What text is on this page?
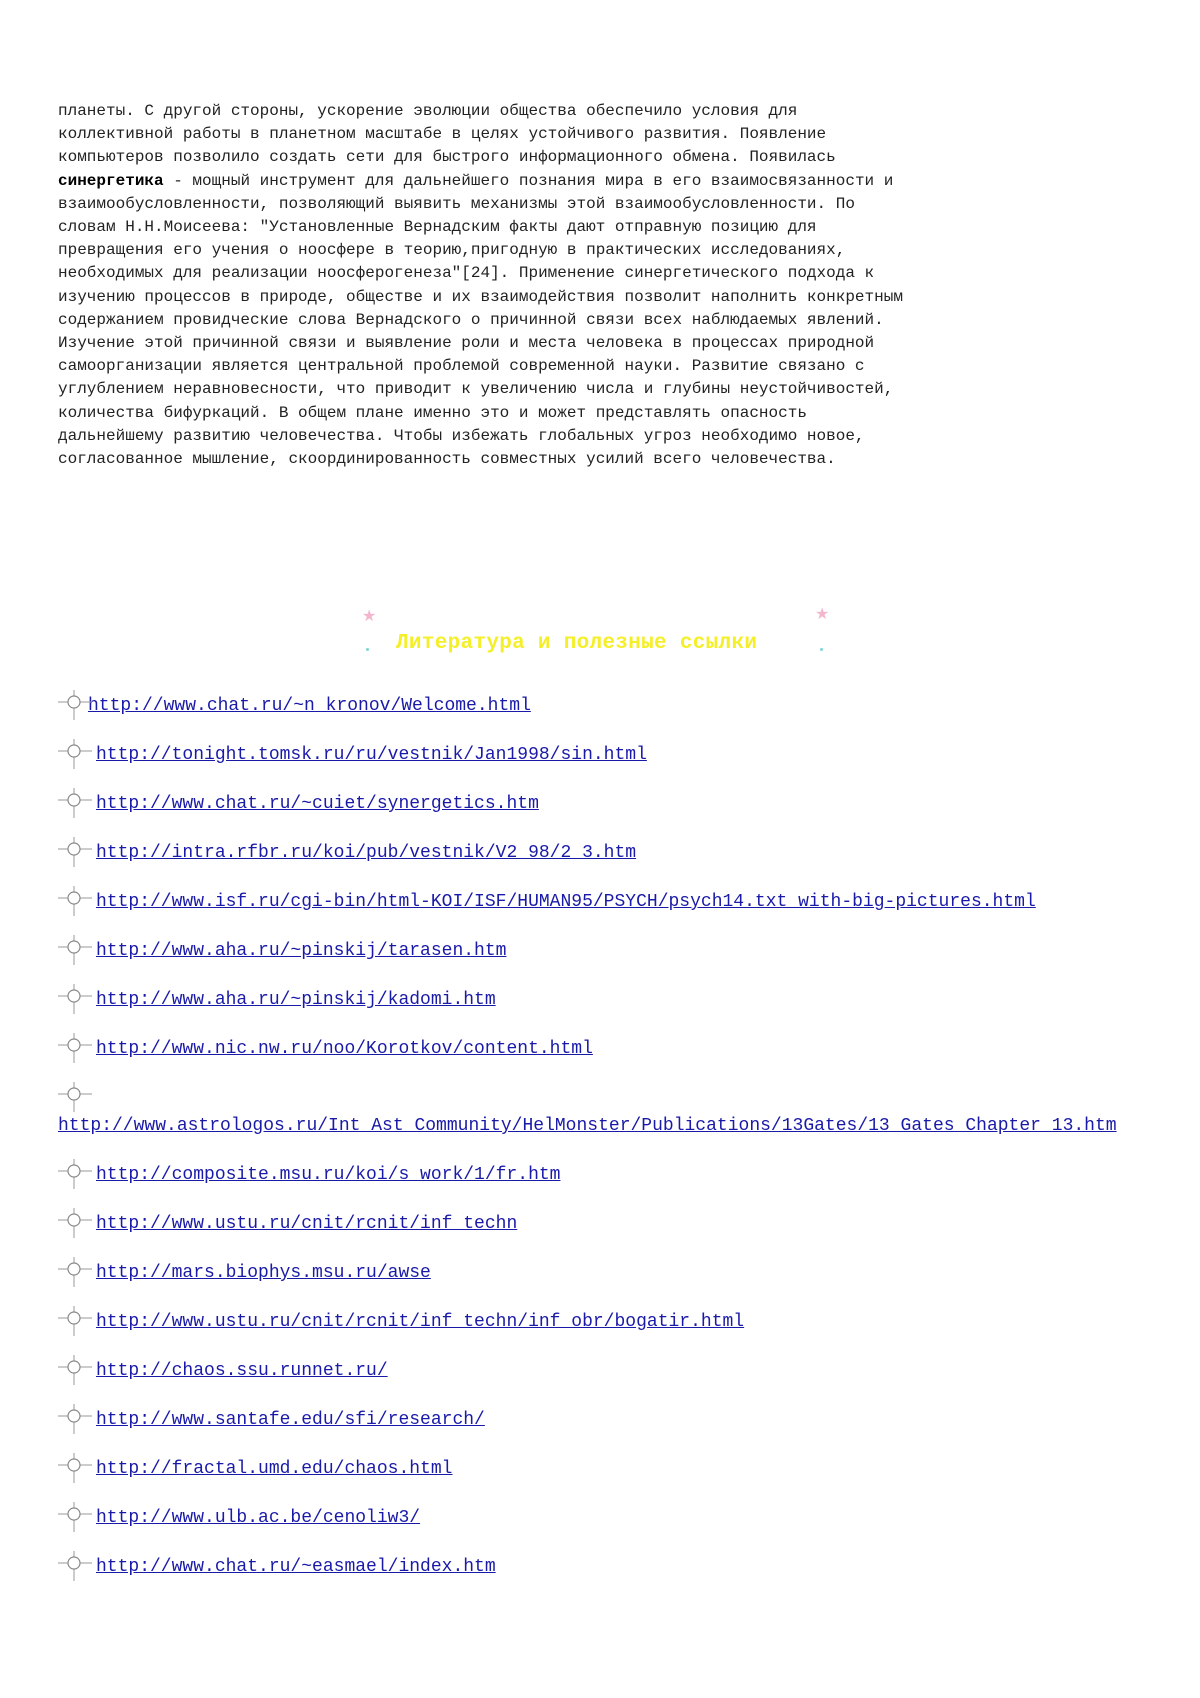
планеты. С другой стороны, ускорение эволюции общества обеспечило условия для
коллективной работы в планетном масштабе в целях устойчивого развития. Появление
компьютеров позволило создать сети для быстрого информационного обмена. Появилась
синергетика - мощный инструмент для дальнейшего познания мира в его взаимосвязанности и
взаимообусловленности, позволяющий выявить механизмы этой взаимообусловленности. По
словам Н.Н.Моисеева: "Установленные Вернадским факты дают отправную позицию для
превращения его учения о ноосфере в теорию,пригодную в практических исследованиях,
необходимых для реализации ноосферогенеза"[24]. Применение синергетического подхода к
изучению процессов в природе, обществе и их взаимодействия позволит наполнить конкретным
содержанием провидческие слова Вернадского о причинной связи всех наблюдаемых явлений.
Изучение этой причинной связи и выявление роли и места человека в процессах природной
самоорганизации является центральной проблемой современной науки. Развитие связано с
углублением неравновесности, что приводит к увеличению числа и глубины неустойчивостей,
количества бифуркаций. В общем плане именно это и может представлять опасность
дальнейшему развитию человечества. Чтобы избежать глобальных угроз необходимо новое,
согласованное мышление, скоординированность совместных усилий всего человечества.
★	★
Литература и полезные ссылки
http://www.chat.ru/~n_kronov/Welcome.html
http://tonight.tomsk.ru/ru/vestnik/Jan1998/sin.html
http://www.chat.ru/~cuiet/synergetics.htm
http://intra.rfbr.ru/koi/pub/vestnik/V2_98/2_3.htm
http://www.isf.ru/cgi-bin/html-KOI/ISF/HUMAN95/PSYCH/psych14.txt_with-big-pictures.html
http://www.aha.ru/~pinskij/tarasen.htm
http://www.aha.ru/~pinskij/kadomi.htm
http://www.nic.nw.ru/noo/Korotkov/content.html
http://www.astrologos.ru/Int_Ast_Community/HelMonster/Publications/13Gates/13_Gates_Chapter_13.htm
http://composite.msu.ru/koi/s_work/1/fr.htm
http://www.ustu.ru/cnit/rcnit/inf_techn
http://mars.biophys.msu.ru/awse
http://www.ustu.ru/cnit/rcnit/inf_techn/inf_obr/bogatir.html
http://chaos.ssu.runnet.ru/
http://www.santafe.edu/sfi/research/
http://fractal.umd.edu/chaos.html
http://www.ulb.ac.be/cenoliw3/
http://www.chat.ru/~easmael/index.htm
